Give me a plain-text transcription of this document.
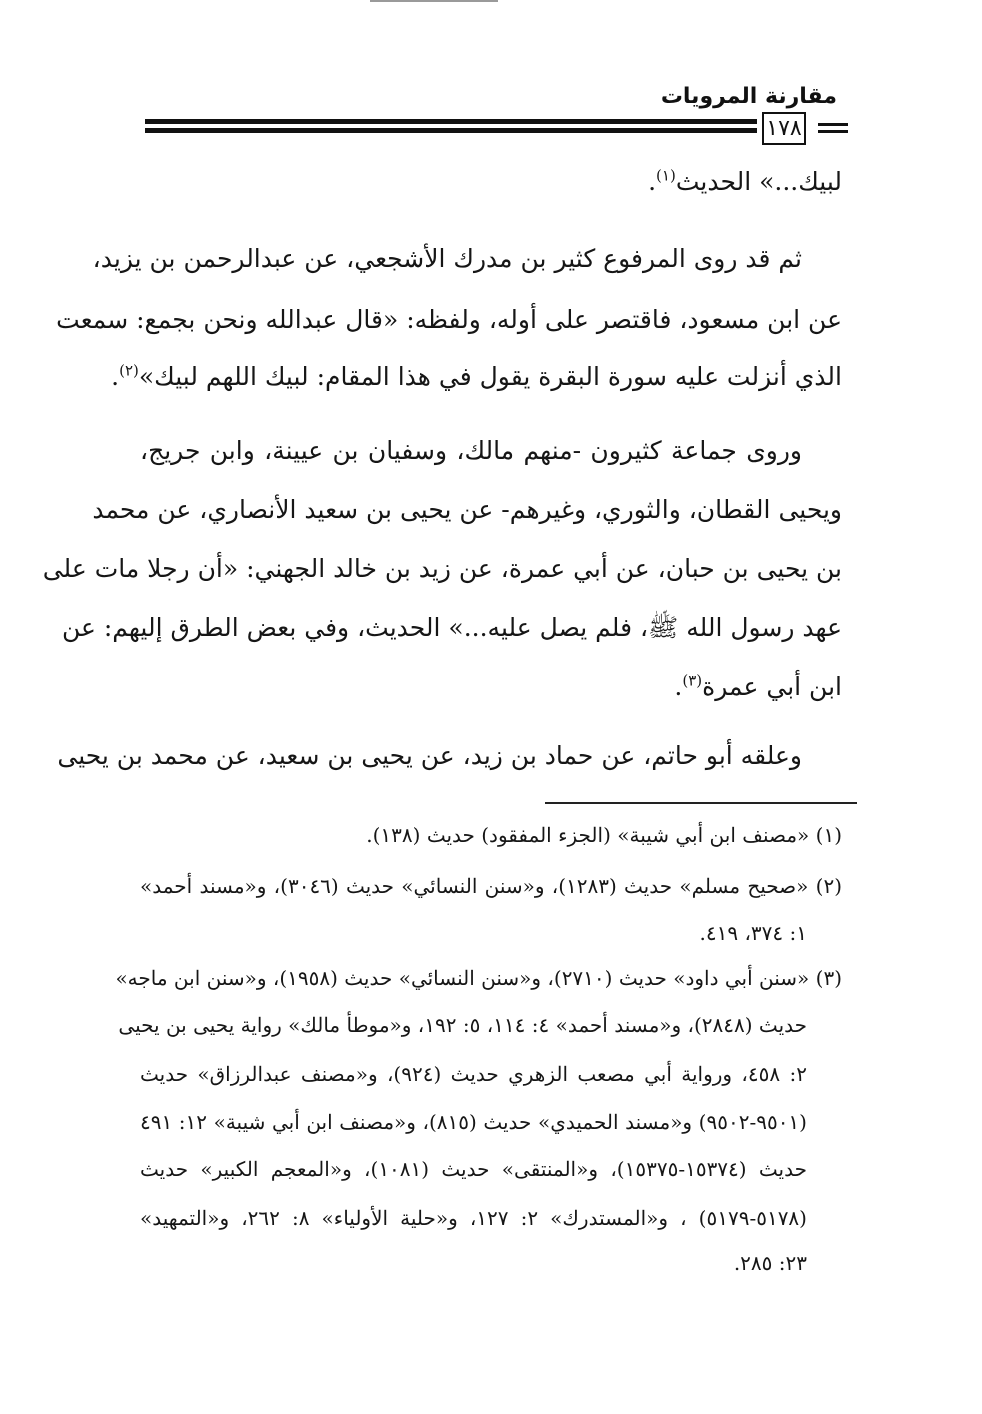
مقارنة المرويات
١٧٨
لبيك...» الحديث$^{(١)}$.
ثم قد روى المرفوع كثير بن مدرك الأشجعي، عن عبدالرحمن بن يزيد،
عن ابن مسعود، فاقتصر على أوله، ولفظه: «قال عبدالله ونحن بجمع: سمعت
الذي أنزلت عليه سورة البقرة يقول في هذا المقام: لبيك اللهم لبيك»$^{(٢)}$.
وروى جماعة كثيرون -منهم مالك، وسفيان بن عيينة، وابن جريج،
ويحيى القطان، والثوري، وغيرهم- عن يحيى بن سعيد الأنصاري، عن محمد
بن يحيى بن حبان، عن أبي عمرة، عن زيد بن خالد الجهني: «أن رجلا مات على
عهد رسول الله ﷺ، فلم يصل عليه...» الحديث، وفي بعض الطرق إليهم: عن
ابن أبي عمرة$^{(٣)}$.
وعلقه أبو حاتم، عن حماد بن زيد، عن يحيى بن سعيد، عن محمد بن يحيى
(١) «مصنف ابن أبي شيبة» (الجزء المفقود) حديث (١٣٨).
(٢) «صحيح مسلم» حديث (١٢٨٣)، و«سنن النسائي» حديث (٣٠٤٦)، و«مسند أحمد»
١: ٣٧٤، ٤١٩.
(٣) «سنن أبي داود» حديث (٢٧١٠)، و«سنن النسائي» حديث (١٩٥٨)، و«سنن ابن ماجه»
حديث (٢٨٤٨)، و«مسند أحمد» ٤: ١١٤، ٥: ١٩٢، و«موطأ مالك» رواية يحيى بن يحيى
٢: ٤٥٨، ورواية أبي مصعب الزهري حديث (٩٢٤)، و«مصنف عبدالرزاق» حديث
(٩٥٠١-٩٥٠٢) و«مسند الحميدي» حديث (٨١٥)، و«مصنف ابن أبي شيبة» ١٢: ٤٩١
حديث (١٥٣٧٤-١٥٣٧٥)، و«المنتقى» حديث (١٠٨١)، و«المعجم الكبير» حديث
(٥١٧٨-٥١٧٩) ، و«المستدرك» ٢: ١٢٧، و«حلية الأولياء» ٨: ٢٦٢، و«التمهيد»
٢٣: ٢٨٥.
